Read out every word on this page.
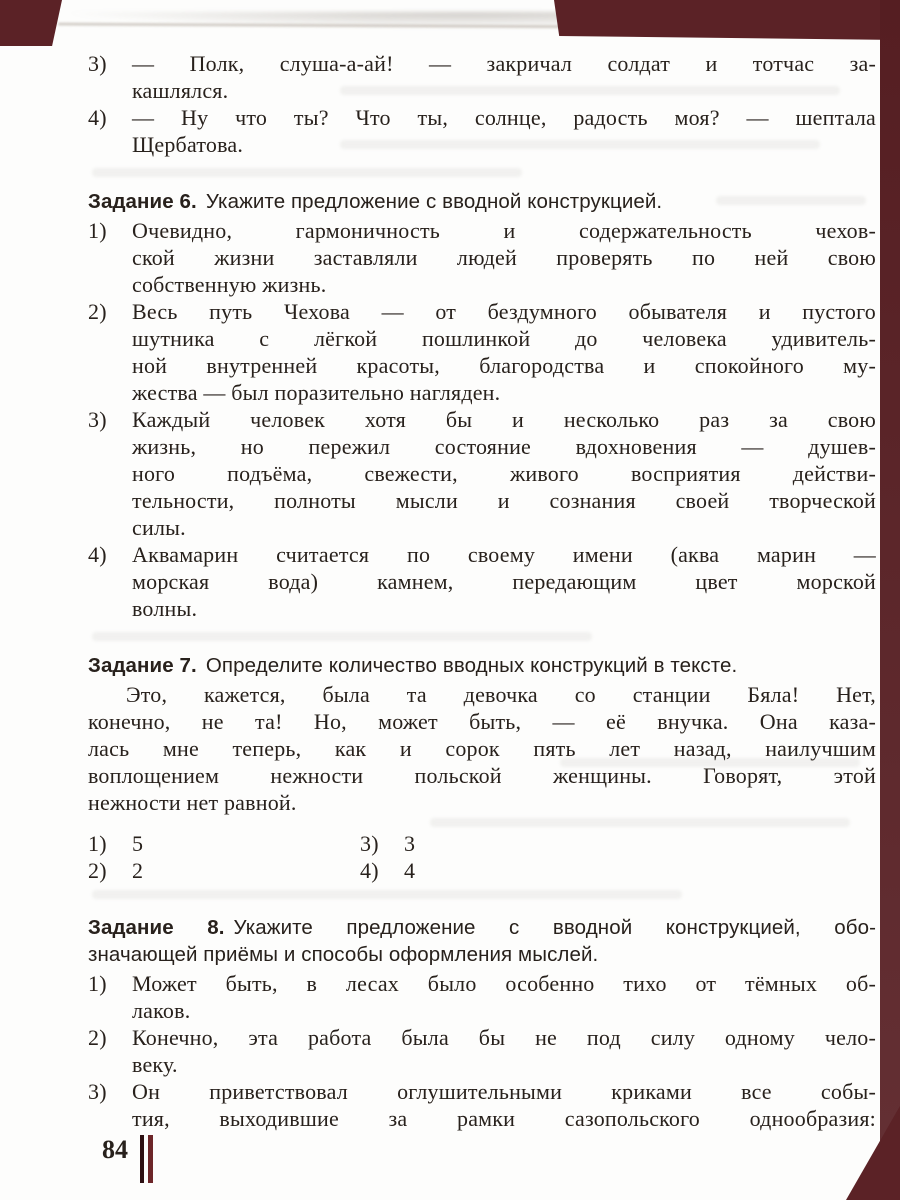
3) — Полк, слуша-а-ай! — закричал солдат и тотчас за-
кашлялся.
4) — Ну что ты? Что ты, солнце, радость моя? — шептала
Щербатова.
Задание 6. Укажите предложение с вводной конструкцией.
1) Очевидно, гармоничность и содержательность чехов-
ской жизни заставляли людей проверять по ней свою
собственную жизнь.
2) Весь путь Чехова — от бездумного обывателя и пустого
шутника с лёгкой пошлинкой до человека удивитель-
ной внутренней красоты, благородства и спокойного му-
жества — был поразительно нагляден.
3) Каждый человек хотя бы и несколько раз за свою
жизнь, но пережил состояние вдохновения — душев-
ного подъёма, свежести, живого восприятия действи-
тельности, полноты мысли и сознания своей творческой
силы.
4) Аквамарин считается по своему имени (аква марин —
морская вода) камнем, передающим цвет морской
волны.
Задание 7. Определите количество вводных конструкций в тексте.
Это, кажется, была та девочка со станции Бяла! Нет,
конечно, не та! Но, может быть, — её внучка. Она каза-
лась мне теперь, как и сорок пять лет назад, наилучшим
воплощением нежности польской женщины. Говорят, этой
нежности нет равной.
1) 5	3) 3
2) 2	4) 4
Задание 8. Укажите предложение с вводной конструкцией, обо-
значающей приёмы и способы оформления мыслей.
1) Может быть, в лесах было особенно тихо от тёмных об-
лаков.
2) Конечно, эта работа была бы не под силу одному чело-
веку.
3) Он приветствовал оглушительными криками все собы-
тия, выходившие за рамки сазопольского однообразия:
84
